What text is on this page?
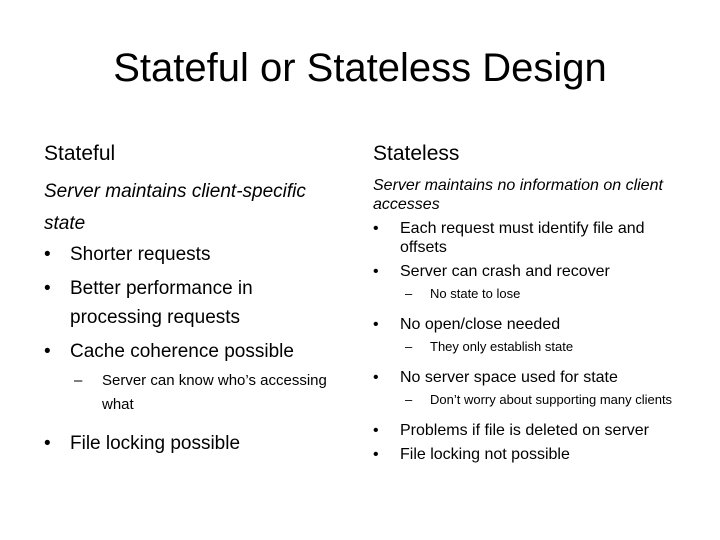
Stateful or Stateless Design
Stateful	Stateless
Server maintains client-specific state
•	Shorter requests
•	Better performance in processing requests
•	Cache coherence possible
–	Server can know who’s accessing what
•	File locking possible
Server maintains no information on client accesses
•	Each request must identify file and offsets
•	Server can crash and recover
–	No state to lose
•	No open/close needed
–	They only establish state
•	No server space used for state
–	Don’t worry about supporting many clients
•	Problems if file is deleted on server
•	File locking not possible
